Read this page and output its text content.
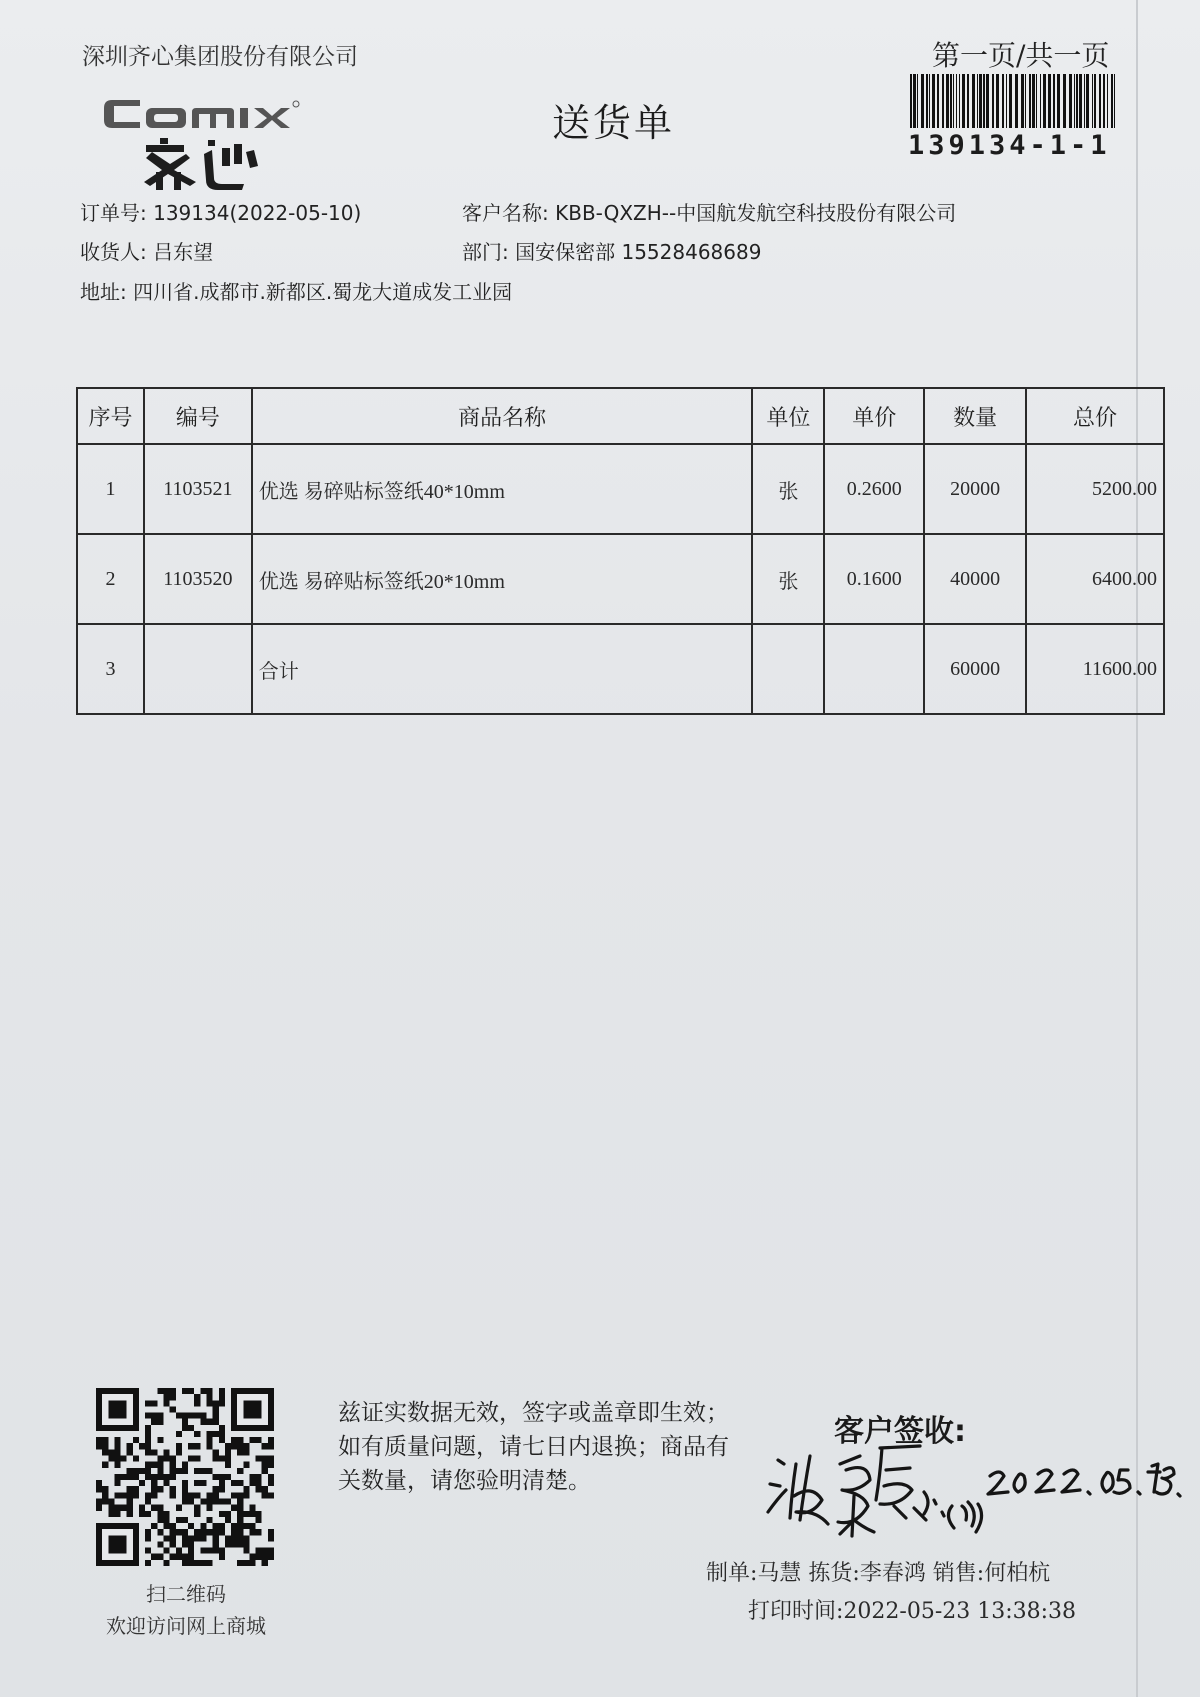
深圳齐心集团股份有限公司	第一页/共一页
送货单
139134-1-1
订单号: 139134(2022-05-10)	客户名称: KBB-QXZH--中国航发航空科技股份有限公司
收货人: 吕东望	部门: 国安保密部 15528468689
地址: 四川省.成都市.新都区.蜀龙大道成发工业园
序号	编号	商品名称	单位	单价	数量	总价
1	1103521	优选 易碎贴标签纸40*10mm	张	0.2600	20000	5200.00
2	1103520	优选 易碎贴标签纸20*10mm	张	0.1600	40000	6400.00
3		合计			60000	11600.00
扫二维码
欢迎访问网上商城
兹证实数据无效，签字或盖章即生效；如有质量问题，请七日内退换；商品有关数量，请您验明清楚。
客户签收:
制单:马慧 拣货:李春鸿 销售:何柏杭
打印时间:2022-05-23 13:38:38
